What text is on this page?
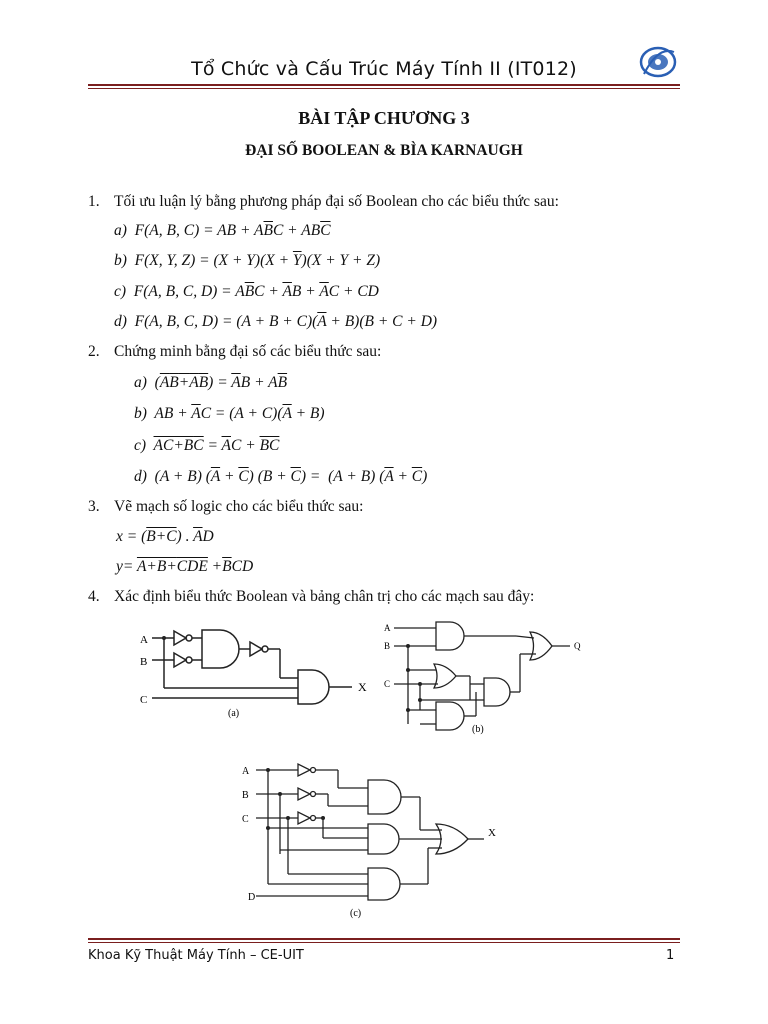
Tổ Chức và Cấu Trúc Máy Tính II (IT012)
BÀI TẬP CHƯƠNG 3
ĐẠI SỐ BOOLEAN & BÌA KARNAUGH
1. Tối ưu luận lý bằng phương pháp đại số Boolean cho các biểu thức sau:
a)  F(A, B, C) = AB + $A\overline{B}C + AB\overline{C}$
b)  F(X, Y, $Z) = (X + Y)(X + \overline{Y})(X + Y + Z)$
c)  F(A, B, C, $D) = A\overline{B}C + \overline{A}B + \overline{A}C$ + CD
d)  F(A, B, C, $D) = (A + B + C)(\overline{A} + B)(B + C + D)$
2. Chứng minh bằng đại số các biểu thức sau:
a)  $(AB+AB) = \overline{A}B + A\overline{B}$
b)  AB + $\overline{A}C = (A + C)(\overline{A} + B)$
c)  $AC+BC = \overline{A}C + \overline{B}\overline{C}$
d)  (A + B) $(\overline{A} + \overline{C}) (B + \overline{C}) = (A + B) (\overline{A} + \overline{C})$
3. Vẽ mạch số logic cho các biểu thức sau:
x = (B+C) . $\overline{A}D$
$y= A+B+CDE +\overline{B}CD$
4. Xác định biểu thức Boolean và bảng chân trị cho các mạch sau đây:
A
B
C
X
(a)
A
B
C
Q
(b)
A
B
C
D
X
(c)
Khoa Kỹ Thuật Máy Tính – CE-UIT	1
